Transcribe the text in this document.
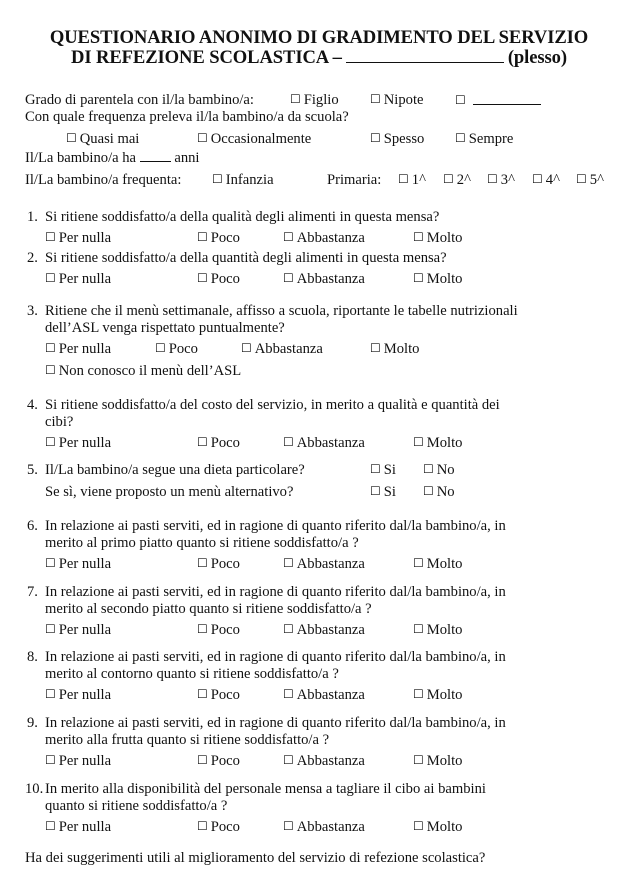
QUESTIONARIO ANONIMO DI GRADIMENTO DEL SERVIZIO
DI REFEZIONE SCOLASTICA –	(plesso)
Grado di parentela con il/la bambino/a:	☐ Figlio	☐ Nipote	☐
Con quale frequenza preleva il/la bambino/a da scuola?
☐ Quasi mai	☐ Occasionalmente	☐ Spesso	☐ Sempre
Il/La bambino/a ha	anni
Il/La bambino/a frequenta:	☐ Infanzia	Primaria: ☐ 1^ ☐ 2^ ☐ 3^ ☐ 4^ ☐ 5^
1. Si ritiene soddisfatto/a della qualità degli alimenti in questa mensa?
☐ Per nulla	☐ Poco	☐ Abbastanza	☐ Molto
2. Si ritiene soddisfatto/a della quantità degli alimenti in questa mensa?
☐ Per nulla	☐ Poco	☐ Abbastanza	☐ Molto
3. Ritiene che il menù settimanale, affisso a scuola, riportante le tabelle nutrizionali
dell’ASL venga rispettato puntualmente?
☐ Per nulla	☐ Poco	☐ Abbastanza	☐ Molto
☐ Non conosco il menù dell’ASL
4. Si ritiene soddisfatto/a del costo del servizio, in merito a qualità e quantità dei
cibi?
☐ Per nulla	☐ Poco	☐ Abbastanza	☐ Molto
5. Il/La bambino/a segue una dieta particolare?	☐ Si ☐ No
Se sì, viene proposto un menù alternativo?	☐ Si ☐ No
6. In relazione ai pasti serviti, ed in ragione di quanto riferito dal/la bambino/a, in
merito al primo piatto quanto si ritiene soddisfatto/a ?
☐ Per nulla	☐ Poco	☐ Abbastanza	☐ Molto
7. In relazione ai pasti serviti, ed in ragione di quanto riferito dal/la bambino/a, in
merito al secondo piatto quanto si ritiene soddisfatto/a ?
☐ Per nulla	☐ Poco	☐ Abbastanza	☐ Molto
8. In relazione ai pasti serviti, ed in ragione di quanto riferito dal/la bambino/a, in
merito al contorno quanto si ritiene soddisfatto/a ?
☐ Per nulla	☐ Poco	☐ Abbastanza	☐ Molto
9. In relazione ai pasti serviti, ed in ragione di quanto riferito dal/la bambino/a, in
merito alla frutta quanto si ritiene soddisfatto/a ?
☐ Per nulla	☐ Poco	☐ Abbastanza	☐ Molto
10. In merito alla disponibilità del personale mensa a tagliare il cibo ai bambini
quanto si ritiene soddisfatto/a ?
☐ Per nulla	☐ Poco	☐ Abbastanza	☐ Molto
Ha dei suggerimenti utili al miglioramento del servizio di refezione scolastica?
